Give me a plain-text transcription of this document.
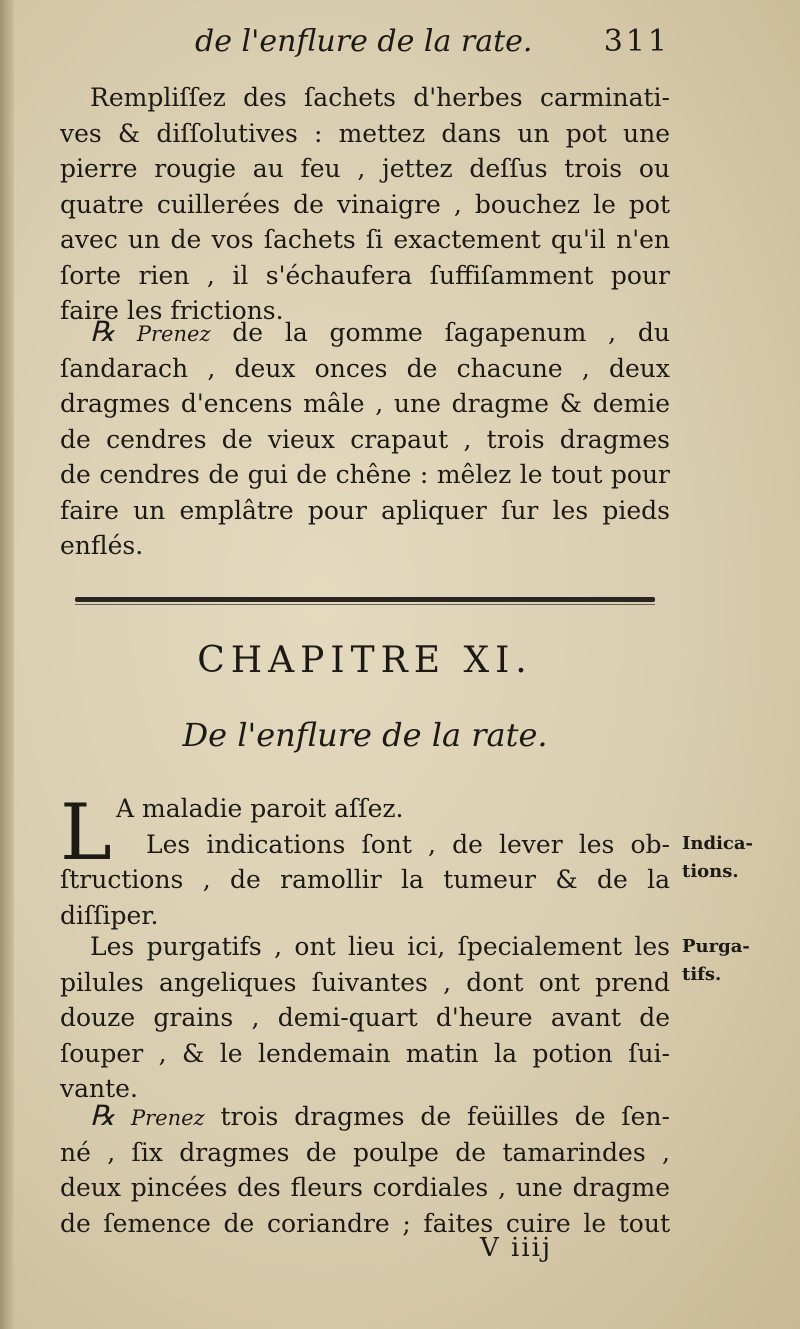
de l'enflure de la rate. 311
Rempliſſez des ſachets d'herbes carminati-
ves & diſſolutives : mettez dans un pot une
pierre rougie au feu , jettez deſſus trois ou
quatre cuillerées de vinaigre , bouchez le pot
avec un de vos ſachets ſi exactement qu'il n'en
ſorte rien , il s'échaufera ſuffiſamment pour
faire les frictions.
℞ Prenez de la gomme ſagapenum , du
ſandarach , deux onces de chacune , deux
dragmes d'encens mâle , une dragme & demie
de cendres de vieux crapaut , trois dragmes
de cendres de gui de chêne : mêlez le tout pour
faire un emplâtre pour apliquer ſur les pieds
enflés.
CHAPITRE XI.
De l'enflure de la rate.
L A maladie paroit aſſez.
Les indications ſont , de lever les ob-
ſtructions , de ramollir la tumeur & de la
diſſiper.
Les purgatifs , ont lieu ici, ſpecialement les
pilules angeliques ſuivantes , dont ont prend
douze grains , demi-quart d'heure avant de
ſouper , & le lendemain matin la potion ſui-
vante.
℞ Prenez trois dragmes de feüilles de ſen-
né , ſix dragmes de poulpe de tamarindes ,
deux pincées des fleurs cordiales , une dragme
de ſemence de coriandre ; faites cuire le tout
Indica-
tions.
Purga-
tifs.
V iiij
